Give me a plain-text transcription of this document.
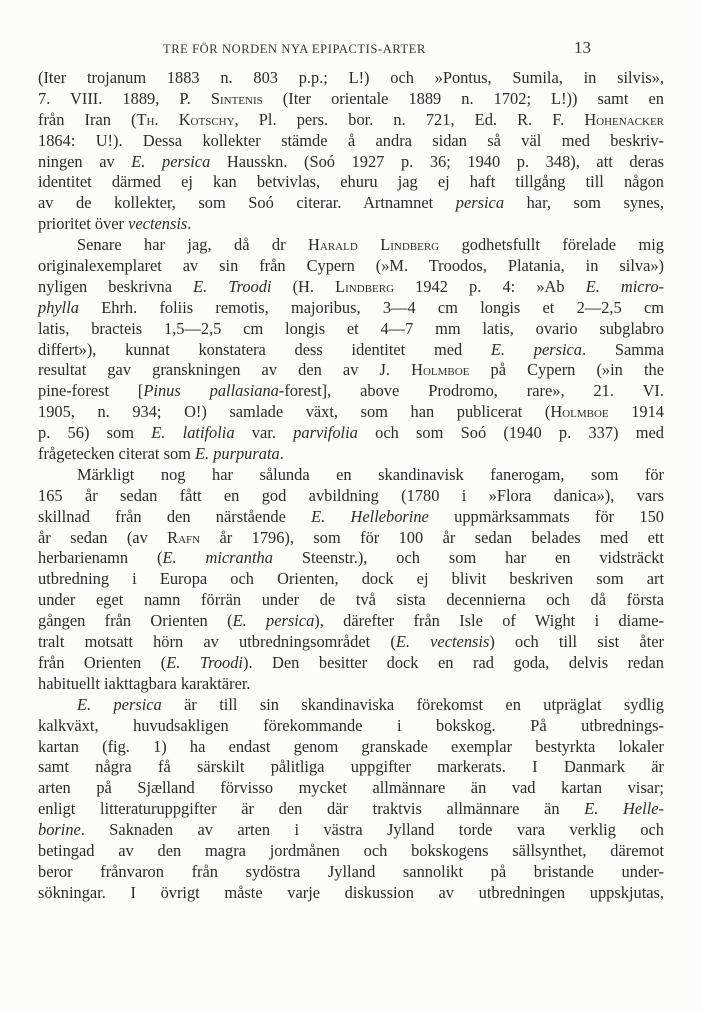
TRE FÖR NORDEN NYA EPIPACTIS-ARTER	13
(Iter trojanum 1883 n. 803 p.p.; L!) och »Pontus, Sumila, in silvis»,
7. VIII. 1889, P. Sintenis (Iter orientale 1889 n. 1702; L!)) samt en
från Iran (Th. Kotschy, Pl. pers. bor. n. 721, Ed. R. F. Hohenacker
1864: U!). Dessa kollekter stämde å andra sidan så väl med beskriv-
ningen av E. persica Hausskn. (Soó 1927 p. 36; 1940 p. 348), att deras
identitet därmed ej kan betvivlas, ehuru jag ej haft tillgång till någon
av de kollekter, som Soó citerar. Artnamnet persica har, som synes,
prioritet över vectensis.
Senare har jag, då dr Harald Lindberg godhetsfullt förelade mig
originalexemplaret av sin från Cypern (»M. Troodos, Platania, in silva»)
nyligen beskrivna E. Troodi (H. Lindberg 1942 p. 4: »Ab E. micro-
phylla Ehrh. foliis remotis, majoribus, 3—4 cm longis et 2—2,5 cm
latis, bracteis 1,5—2,5 cm longis et 4—7 mm latis, ovario subglabro
differt»), kunnat konstatera dess identitet med E. persica. Samma
resultat gav granskningen av den av J. Holmboe på Cypern (»in the
pine-forest [Pinus pallasiana-forest], above Prodromo, rare», 21. VI.
1905, n. 934; O!) samlade växt, som han publicerat (Holmboe 1914
p. 56) som E. latifolia var. parvifolia och som Soó (1940 p. 337) med
frågetecken citerat som E. purpurata.
Märkligt nog har sålunda en skandinavisk fanerogam, som för
165 år sedan fått en god avbildning (1780 i »Flora danica»), vars
skillnad från den närstående E. Helleborine uppmärksammats för 150
år sedan (av Rafn år 1796), som för 100 år sedan belades med ett
herbarienamn (E. micrantha Steenstr.), och som har en vidsträckt
utbredning i Europa och Orienten, dock ej blivit beskriven som art
under eget namn förrän under de två sista decennierna och då första
gången från Orienten (E. persica), därefter från Isle of Wight i diame-
tralt motsatt hörn av utbredningsområdet (E. vectensis) och till sist åter
från Orienten (E. Troodi). Den besitter dock en rad goda, delvis redan
habituellt iakttagbara karaktärer.
E. persica är till sin skandinaviska förekomst en utpräglat sydlig
kalkväxt, huvudsakligen förekommande i bokskog. På utbrednings-
kartan (fig. 1) ha endast genom granskade exemplar bestyrkta lokaler
samt några få särskilt pålitliga uppgifter markerats. I Danmark är
arten på Sjælland förvisso mycket allmännare än vad kartan visar;
enligt litteraturuppgifter är den där traktvis allmännare än E. Helle-
borine. Saknaden av arten i västra Jylland torde vara verklig och
betingad av den magra jordmånen och bokskogens sällsynthet, däremot
beror frånvaron från sydöstra Jylland sannolikt på bristande under-
sökningar. I övrigt måste varje diskussion av utbredningen uppskjutas,
